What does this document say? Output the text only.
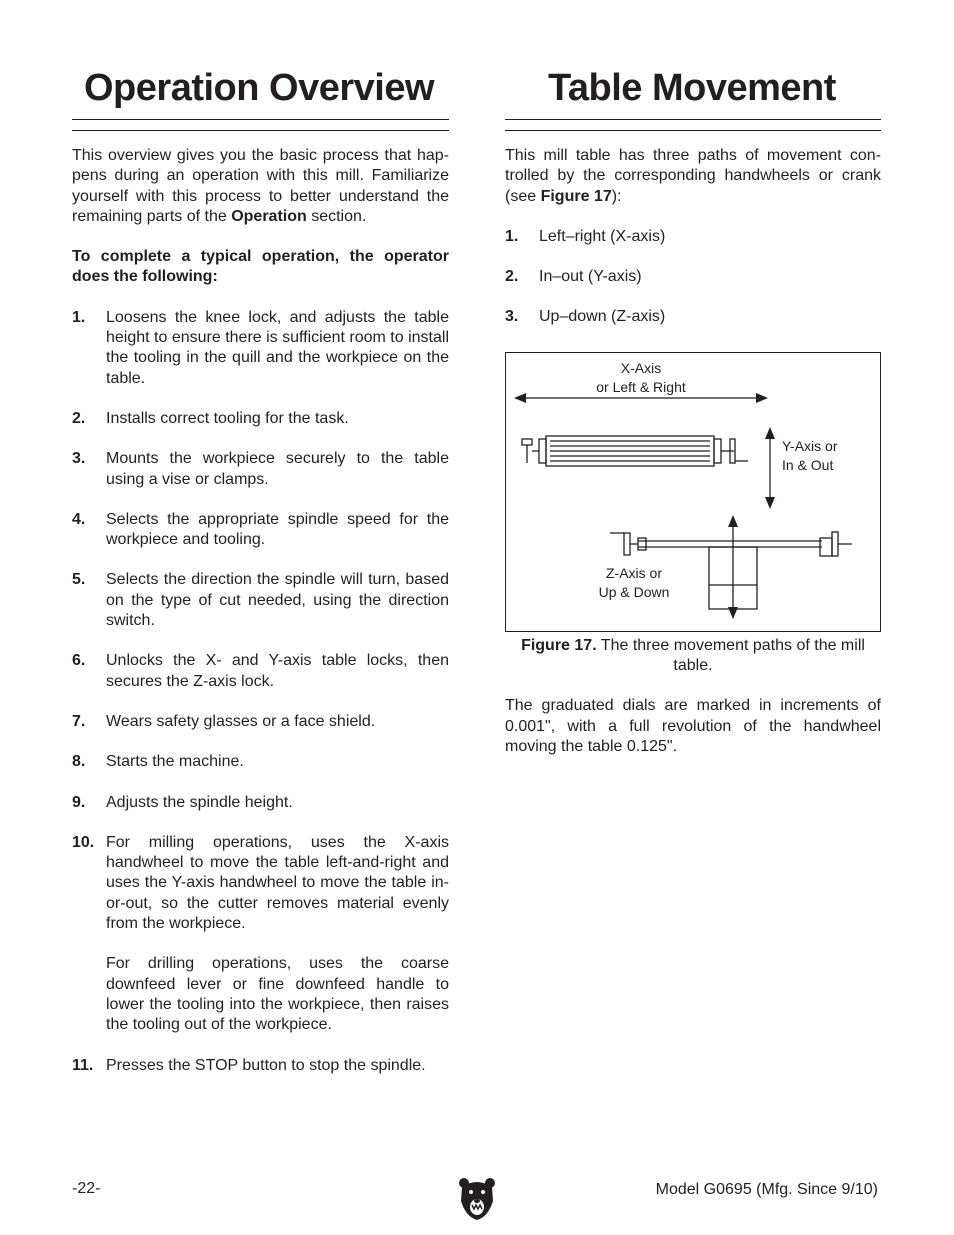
Operation Overview

This overview gives you the basic process that happens during an operation with this mill. Familiarize yourself with this process to better understand the remaining parts of the Operation section.

To complete a typical operation, the operator does the following:

1.	Loosens the knee lock, and adjusts the table height to ensure there is sufficient room to install the tooling in the quill and the workpiece on the table.
2.	Installs correct tooling for the task.
3.	Mounts the workpiece securely to the table using a vise or clamps.
4.	Selects the appropriate spindle speed for the workpiece and tooling.
5.	Selects the direction the spindle will turn, based on the type of cut needed, using the direction switch.
6.	Unlocks the X- and Y-axis table locks, then secures the Z-axis lock.
7.	Wears safety glasses or a face shield.
8.	Starts the machine.
9.	Adjusts the spindle height.
10. For milling operations, uses the X-axis handwheel to move the table left-and-right and uses the Y-axis handwheel to move the table in-or-out, so the cutter removes material evenly from the workpiece.
For drilling operations, uses the coarse downfeed lever or fine downfeed handle to lower the tooling into the workpiece, then raises the tooling out of the workpiece.
11. Presses the STOP button to stop the spindle.
Table Movement

This mill table has three paths of movement controlled by the corresponding handwheels or crank (see Figure 17):

1.	Left–right (X-axis)
2.	In–out (Y-axis)
3.	Up–down (Z-axis)
X-Axis
or Left & Right
Y-Axis or
In & Out
Z-Axis or
Up & Down
Figure 17. The three movement paths of the mill table.

The graduated dials are marked in increments of 0.001", with a full revolution of the handwheel moving the table 0.125".

-22-	Model G0695 (Mfg. Since 9/10)
